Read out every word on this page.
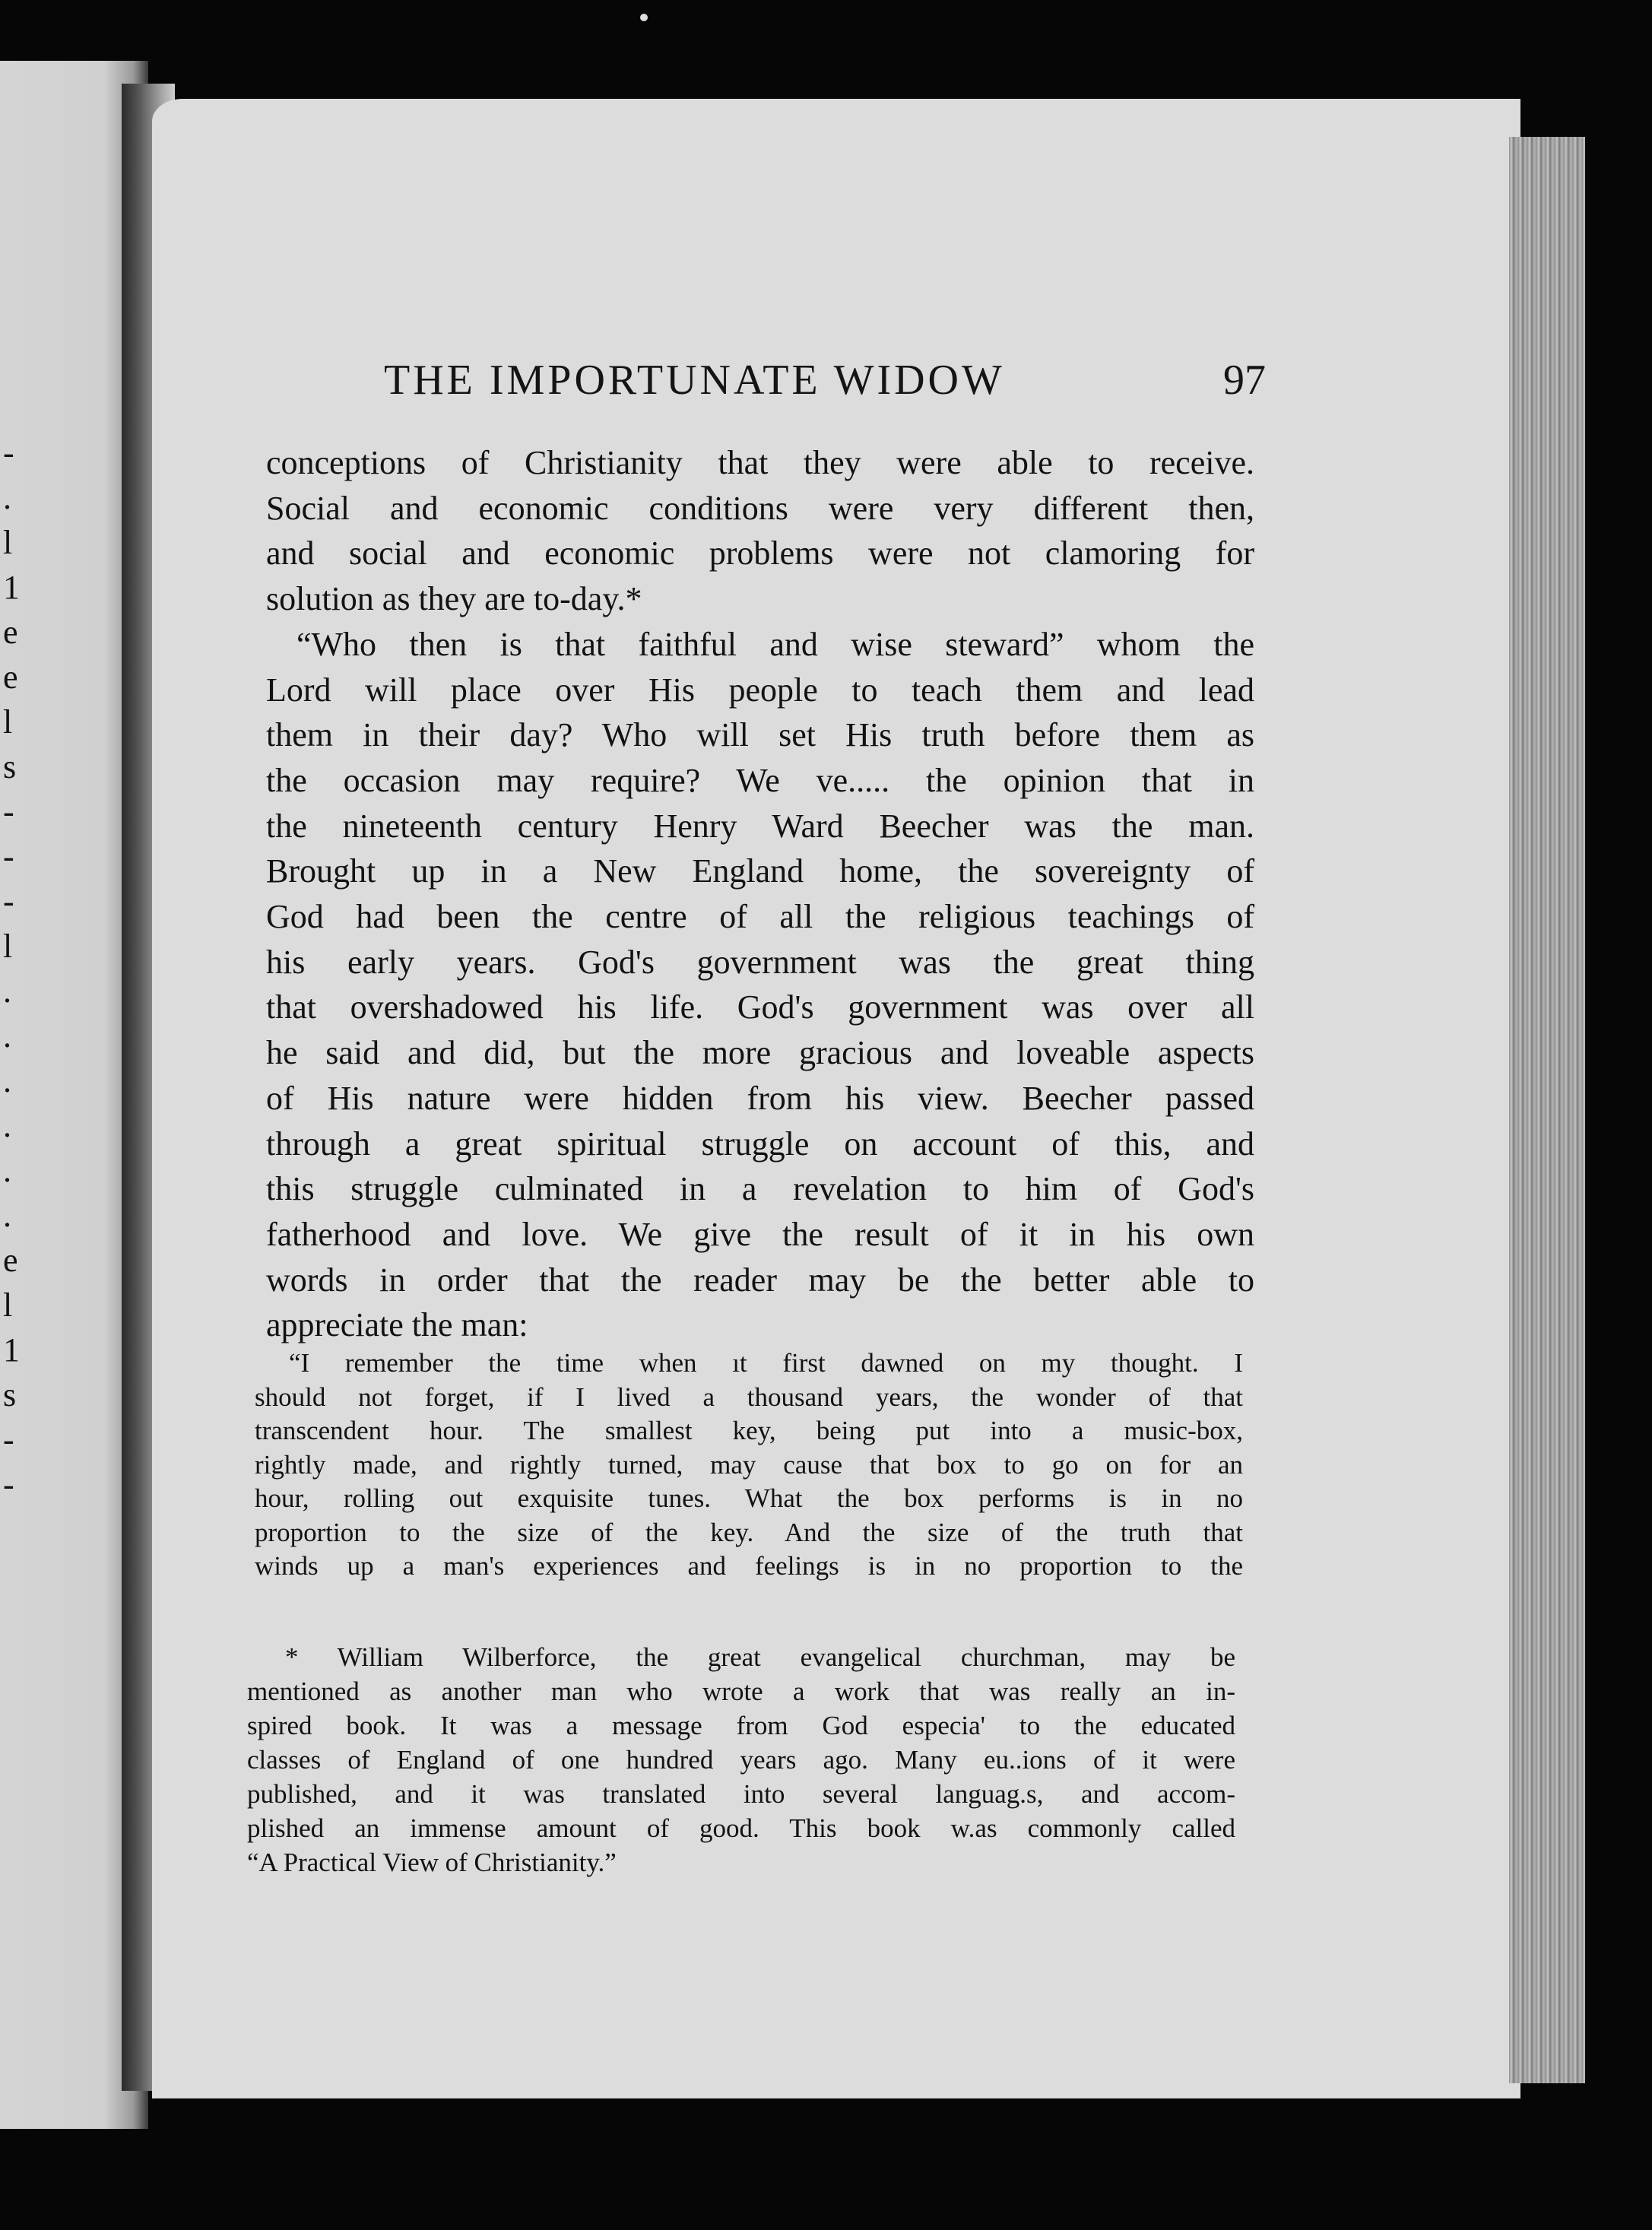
-
.
l
1
e
e
l
s
-
-
-
l
.
.
.
.
.
.
e
l
1
s
-
-
THE IMPORTUNATE WIDOW	97
conceptions of Christianity that they were able to receive.
Social and economic conditions were very different then,
and social and economic problems were not clamoring for
solution as they are to-day.*
“Who then is that faithful and wise steward” whom the
Lord will place over His people to teach them and lead
them in their day? Who will set His truth before them as
the occasion may require? We ve..... the opinion that in
the nineteenth century Henry Ward Beecher was the man.
Brought up in a New England home, the sovereignty of
God had been the centre of all the religious teachings of
his early years. God's government was the great thing
that overshadowed his life. God's government was over all
he said and did, but the more gracious and loveable aspects
of His nature were hidden from his view. Beecher passed
through a great spiritual struggle on account of this, and
this struggle culminated in a revelation to him of God's
fatherhood and love. We give the result of it in his own
words in order that the reader may be the better able to
appreciate the man:
“I remember the time when ıt first dawned on my thought. I
should not forget, if I lived a thousand years, the wonder of that
transcendent hour. The smallest key, being put into a music-box,
rightly made, and rightly turned, may cause that box to go on for an
hour, rolling out exquisite tunes. What the box performs is in no
proportion to the size of the key. And the size of the truth that
winds up a man's experiences and feelings is in no proportion to the
* William Wilberforce, the great evangelical churchman, may be
mentioned as another man who wrote a work that was really an in-
spired book. It was a message from God especia' to the educated
classes of England of one hundred years ago. Many eu..ions of it were
published, and it was translated into several languag.s, and accom-
plished an immense amount of good. This book w.as commonly called
“A Practical View of Christianity.”
